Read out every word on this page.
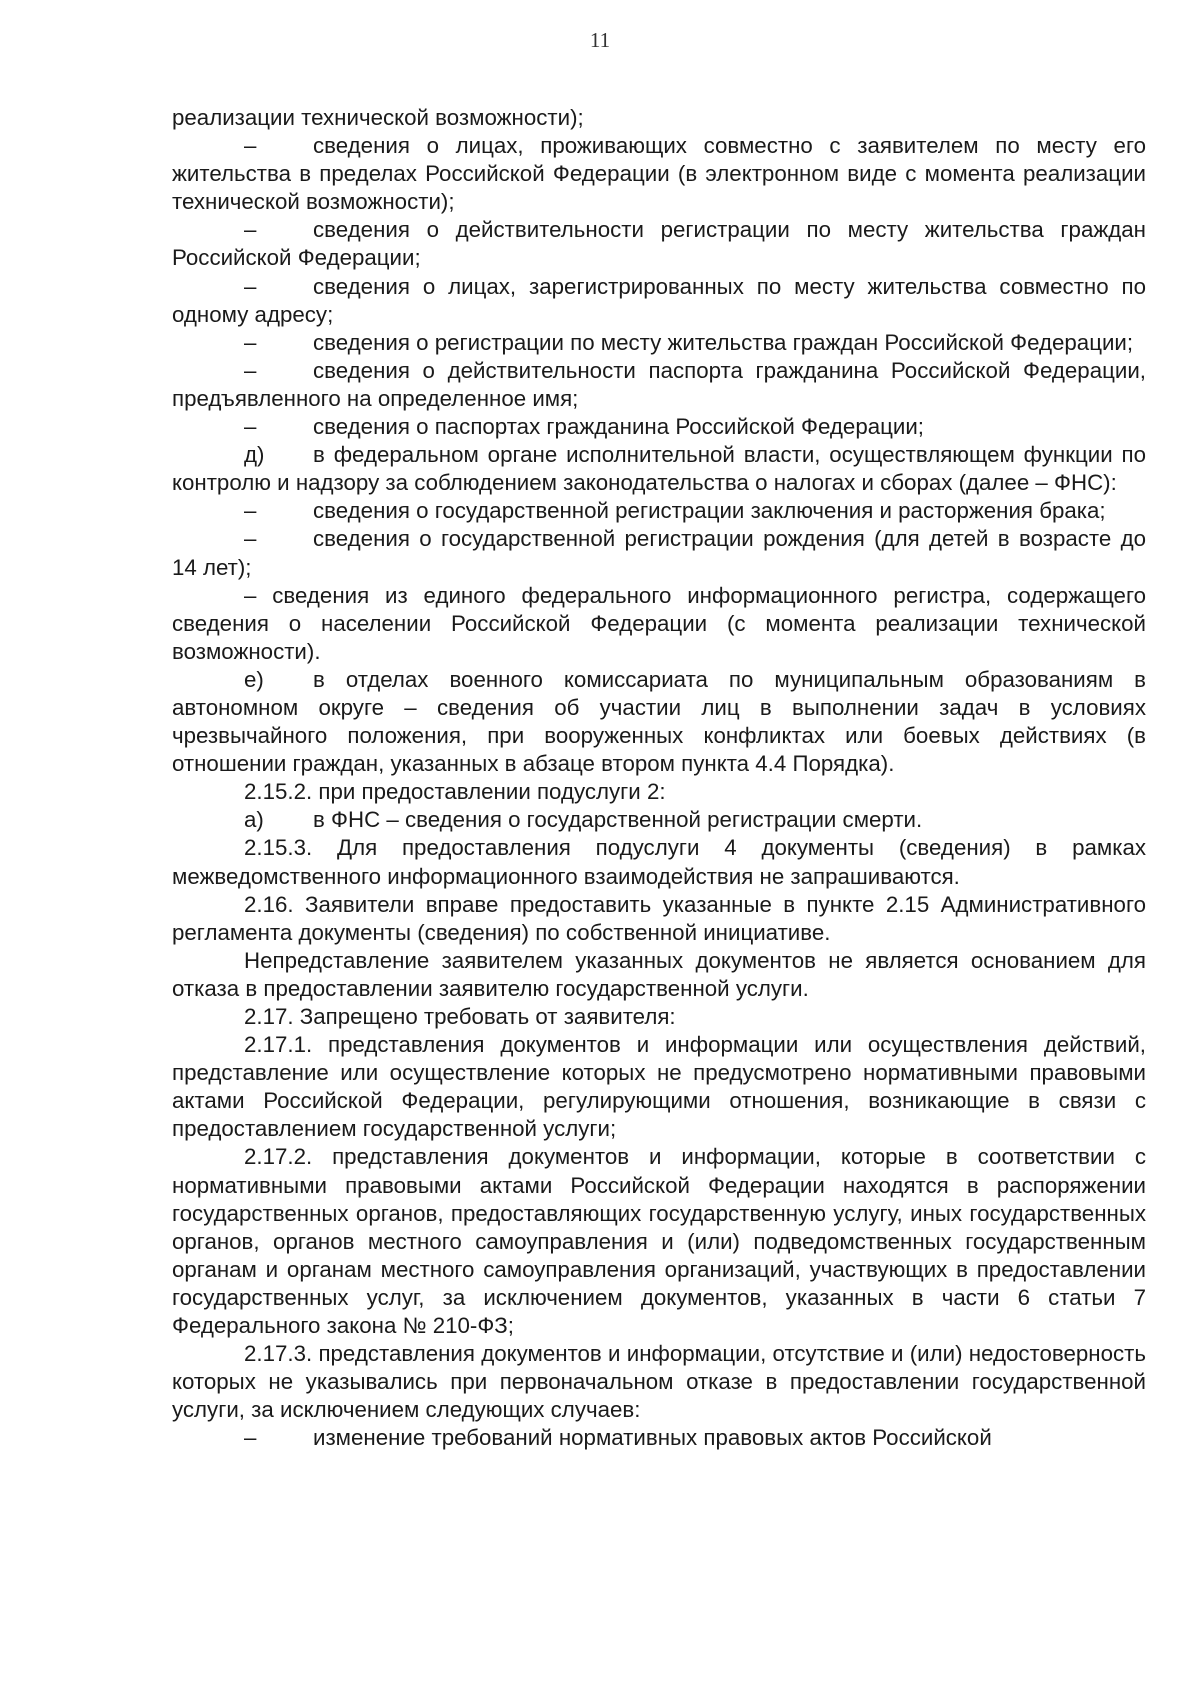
11

реализации технической возможности);

–	сведения о лицах, проживающих совместно с заявителем по месту его жительства в пределах Российской Федерации (в электронном виде с момента реализации технической возможности);

–	сведения о действительности регистрации по месту жительства граждан Российской Федерации;

–	сведения о лицах, зарегистрированных по месту жительства совместно по одному адресу;

–	сведения о регистрации по месту жительства граждан Российской Федерации;

–	сведения о действительности паспорта гражданина Российской Федерации, предъявленного на определенное имя;

–	сведения о паспортах гражданина Российской Федерации;

д) в федеральном органе исполнительной власти, осуществляющем функции по контролю и надзору за соблюдением законодательства о налогах и сборах (далее – ФНС):

–	сведения о государственной регистрации заключения и расторжения брака;

–	сведения о государственной регистрации рождения (для детей в возрасте до 14 лет);

– сведения из единого федерального информационного регистра, содержащего сведения о населении Российской Федерации (с момента реализации технической возможности).

е) в отделах военного комиссариата по муниципальным образованиям в автономном округе – сведения об участии лиц в выполнении задач в условиях чрезвычайного положения, при вооруженных конфликтах или боевых действиях (в отношении граждан, указанных в абзаце втором пункта 4.4 Порядка).

2.15.2. при предоставлении подуслуги 2:

а) в ФНС – сведения о государственной регистрации смерти.

2.15.3. Для предоставления подуслуги 4 документы (сведения) в рамках межведомственного информационного взаимодействия не запрашиваются.

2.16. Заявители вправе предоставить указанные в пункте 2.15 Административного регламента документы (сведения) по собственной инициативе.

Непредставление заявителем указанных документов не является основанием для отказа в предоставлении заявителю государственной услуги.

2.17. Запрещено требовать от заявителя:

2.17.1. представления документов и информации или осуществления действий, представление или осуществление которых не предусмотрено нормативными правовыми актами Российской Федерации, регулирующими отношения, возникающие в связи с предоставлением государственной услуги;

2.17.2. представления документов и информации, которые в соответствии с нормативными правовыми актами Российской Федерации находятся в распоряжении государственных органов, предоставляющих государственную услугу, иных государственных органов, органов местного самоуправления и (или) подведомственных государственным органам и органам местного самоуправления организаций, участвующих в предоставлении государственных услуг, за исключением документов, указанных в части 6 статьи 7 Федерального закона № 210-ФЗ;

2.17.3. представления документов и информации, отсутствие и (или) недостоверность которых не указывались при первоначальном отказе в предоставлении государственной услуги, за исключением следующих случаев:

–	изменение требований нормативных правовых актов Российской
